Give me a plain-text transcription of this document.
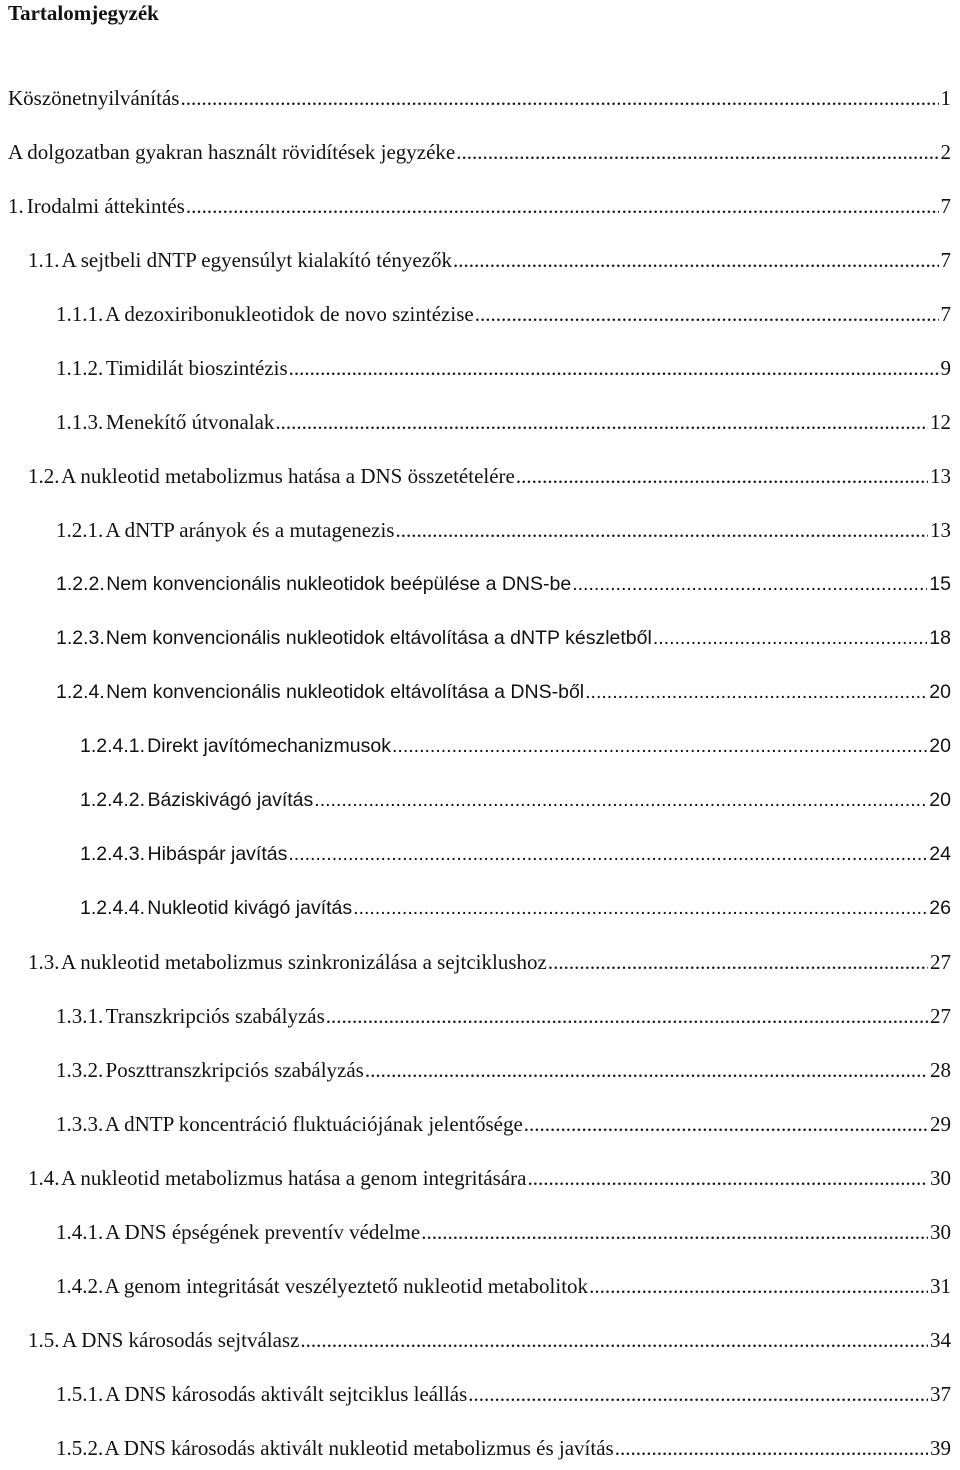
Tartalomjegyzék
Köszönetnyilvánítás .....	1
A dolgozatban gyakran használt rövidítések jegyzéke .....	2
1. Irodalmi áttekintés .....	7
1.1. A sejtbeli dNTP egyensúlyt kialakító tényezők .....	7
1.1.1. A dezoxiribonukleotidok de novo szintézise .....	7
1.1.2. Timidilát bioszintézis .....	9
1.1.3. Menekítő útvonalak .....	12
1.2. A nukleotid metabolizmus hatása a DNS összetételére .....	13
1.2.1. A dNTP arányok és a mutagenezis .....	13
1.2.2. Nem konvencionális nukleotidok beépülése a DNS-be .....	15
1.2.3. Nem konvencionális nukleotidok eltávolítása a dNTP készletből .....	18
1.2.4. Nem konvencionális nukleotidok eltávolítása a DNS-ből .....	20
1.2.4.1. Direkt javítómechanizmusok .....	20
1.2.4.2. Báziskivágó javítás .....	20
1.2.4.3. Hibáspár javítás .....	24
1.2.4.4. Nukleotid kivágó javítás .....	26
1.3. A nukleotid metabolizmus szinkronizálása a sejtciklushoz .....	27
1.3.1. Transzkripciós szabályzás .....	27
1.3.2. Poszttranszkripciós szabályzás .....	28
1.3.3. A dNTP koncentráció fluktuációjának jelentősége .....	29
1.4. A nukleotid metabolizmus hatása a genom integritására .....	30
1.4.1. A DNS épségének preventív védelme .....	30
1.4.2. A genom integritását veszélyeztető nukleotid metabolitok .....	31
1.5. A DNS károsodás sejtválasz .....	34
1.5.1. A DNS károsodás aktivált sejtciklus leállás .....	37
1.5.2. A DNS károsodás aktivált nukleotid metabolizmus és javítás .....	39
